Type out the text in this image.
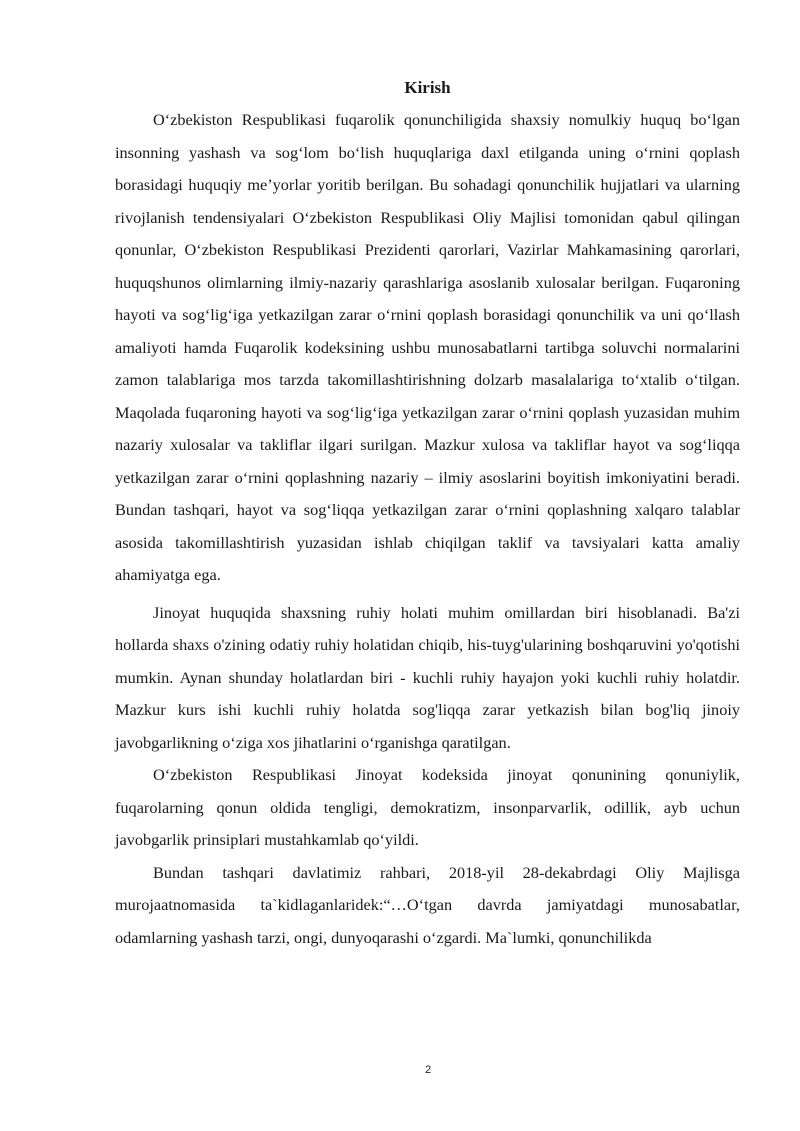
Kirish

O‘zbekiston Respublikasi fuqarolik qonunchiligida shaxsiy nomulkiy huquq bo‘lgan insonning yashash va sog‘lom bo‘lish huquqlariga daxl etilganda uning o‘rnini qoplash borasidagi huquqiy me’yorlar yoritib berilgan. Bu sohadagi qonunchilik hujjatlari va ularning rivojlanish tendensiyalari O‘zbekiston Respublikasi Oliy Majlisi tomonidan qabul qilingan qonunlar, O‘zbekiston Respublikasi Prezidenti qarorlari, Vazirlar Mahkamasining qarorlari, huquqshunos olimlarning ilmiy-nazariy qarashlariga asoslanib xulosalar berilgan. Fuqaroning hayoti va sog‘lig‘iga yetkazilgan zarar o‘rnini qoplash borasidagi qonunchilik va uni qo‘llash amaliyoti hamda Fuqarolik kodeksining ushbu munosabatlarni tartibga soluvchi normalarini zamon talablariga mos tarzda takomillashtirishning dolzarb masalalariga to‘xtalib o‘tilgan. Maqolada fuqaroning hayoti va sog‘lig‘iga yetkazilgan zarar o‘rnini qoplash yuzasidan muhim nazariy xulosalar va takliflar ilgari surilgan. Mazkur xulosa va takliflar hayot va sog‘liqqa yetkazilgan zarar o‘rnini qoplashning nazariy – ilmiy asoslarini boyitish imkoniyatini beradi. Bundan tashqari, hayot va sog‘liqqa yetkazilgan zarar o‘rnini qoplashning xalqaro talablar asosida takomillashtirish yuzasidan ishlab chiqilgan taklif va tavsiyalari katta amaliy ahamiyatga ega.

Jinoyat huquqida shaxsning ruhiy holati muhim omillardan biri hisoblanadi. Ba'zi hollarda shaxs o'zining odatiy ruhiy holatidan chiqib, his-tuyg'ularining boshqaruvini yo'qotishi mumkin. Aynan shunday holatlardan biri - kuchli ruhiy hayajon yoki kuchli ruhiy holatdir. Mazkur kurs ishi kuchli ruhiy holatda sog'liqqa zarar yetkazish bilan bog'liq jinoiy javobgarlikning o‘ziga xos jihatlarini o‘rganishga qaratilgan.

O‘zbekiston Respublikasi Jinoyat kodeksida jinoyat qonunining qonuniylik, fuqarolarning qonun oldida tengligi, demokratizm, insonparvarlik, odillik, ayb uchun javobgarlik prinsiplari mustahkamlab qo‘yildi.

Bundan tashqari davlatimiz rahbari, 2018-yil 28-dekabrdagi Oliy Majlisga murojaatnomasida ta`kidlaganlaridek:“…O‘tgan davrda jamiyatdagi munosabatlar, odamlarning yashash tarzi, ongi, dunyoqarashi o‘zgardi. Ma`lumki, qonunchilikda

2
